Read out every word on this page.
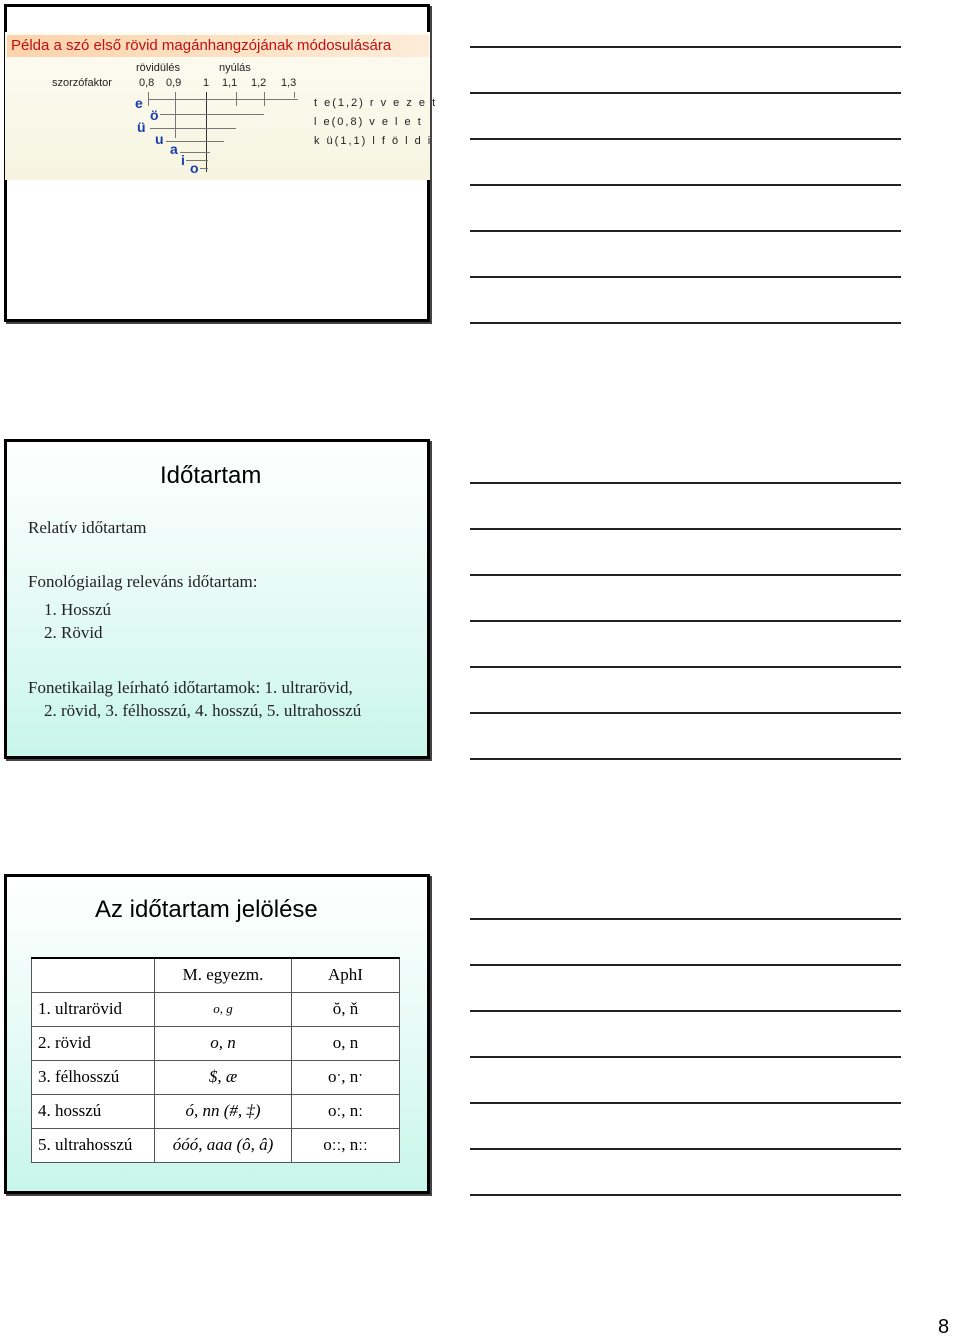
Példa a szó első rövid magánhangzójának módosulására
rövidülés	nyúlás
szorzófaktor 0,8 0,9 1 1,1 1,2 1,3
e
ö
ü
u
a
i o
t e(1,2) r v e z e t
l e(0,8) v e l e t
k ü(1,1) l f ö l d i
Időtartam
Relatív időtartam
Fonológiailag releváns időtartam:
1. Hosszú
2. Rövid
Fonetikailag leírható időtartamok: 1. ultrarövid,
2. rövid, 3. félhosszú, 4. hosszú, 5. ultrahosszú
Az időtartam jelölése
	M. egyezm.	AphI
1. ultrarövid	o, g	ŏ, ň
2. rövid	o, n	o, n
3. félhosszú	$, æ	oˑ, nˑ
4. hosszú	ó, nn (#, ‡)	oː, nː
5. ultrahosszú	óóó, aaa (ô, â)	oːː, nːː
8
